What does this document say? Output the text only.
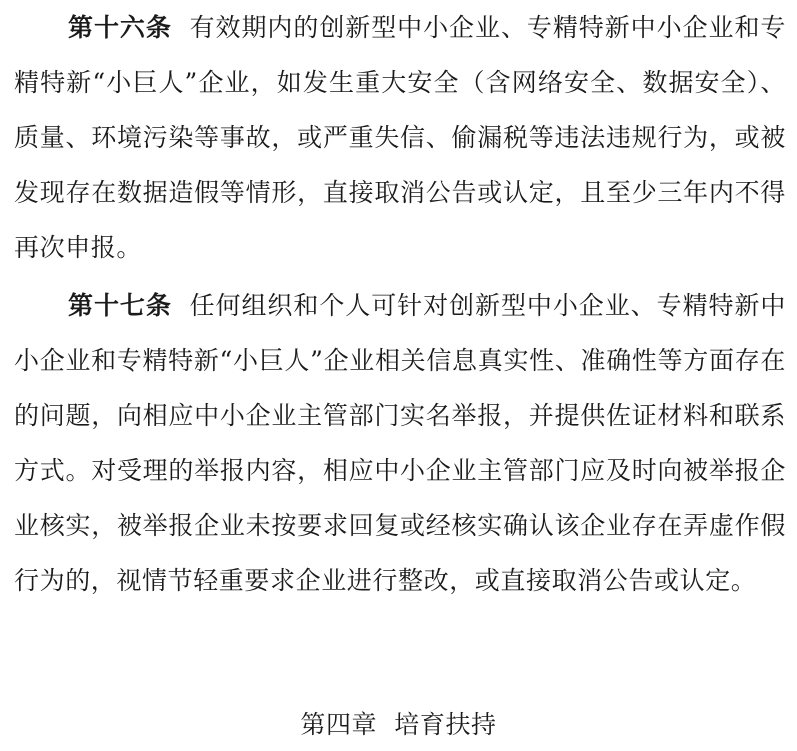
第十六条 有效期内的创新型中小企业、专精特新中小企业和专精特新“小巨人”企业，如发生重大安全（含网络安全、数据安全）、质量、环境污染等事故，或严重失信、偷漏税等违法违规行为，或被发现存在数据造假等情形，直接取消公告或认定，且至少三年内不得再次申报。

第十七条 任何组织和个人可针对创新型中小企业、专精特新中小企业和专精特新“小巨人”企业相关信息真实性、准确性等方面存在的问题，向相应中小企业主管部门实名举报，并提供佐证材料和联系方式。对受理的举报内容，相应中小企业主管部门应及时向被举报企业核实，被举报企业未按要求回复或经核实确认该企业存在弄虚作假行为的，视情节轻重要求企业进行整改，或直接取消公告或认定。

第四章  培育扶持
